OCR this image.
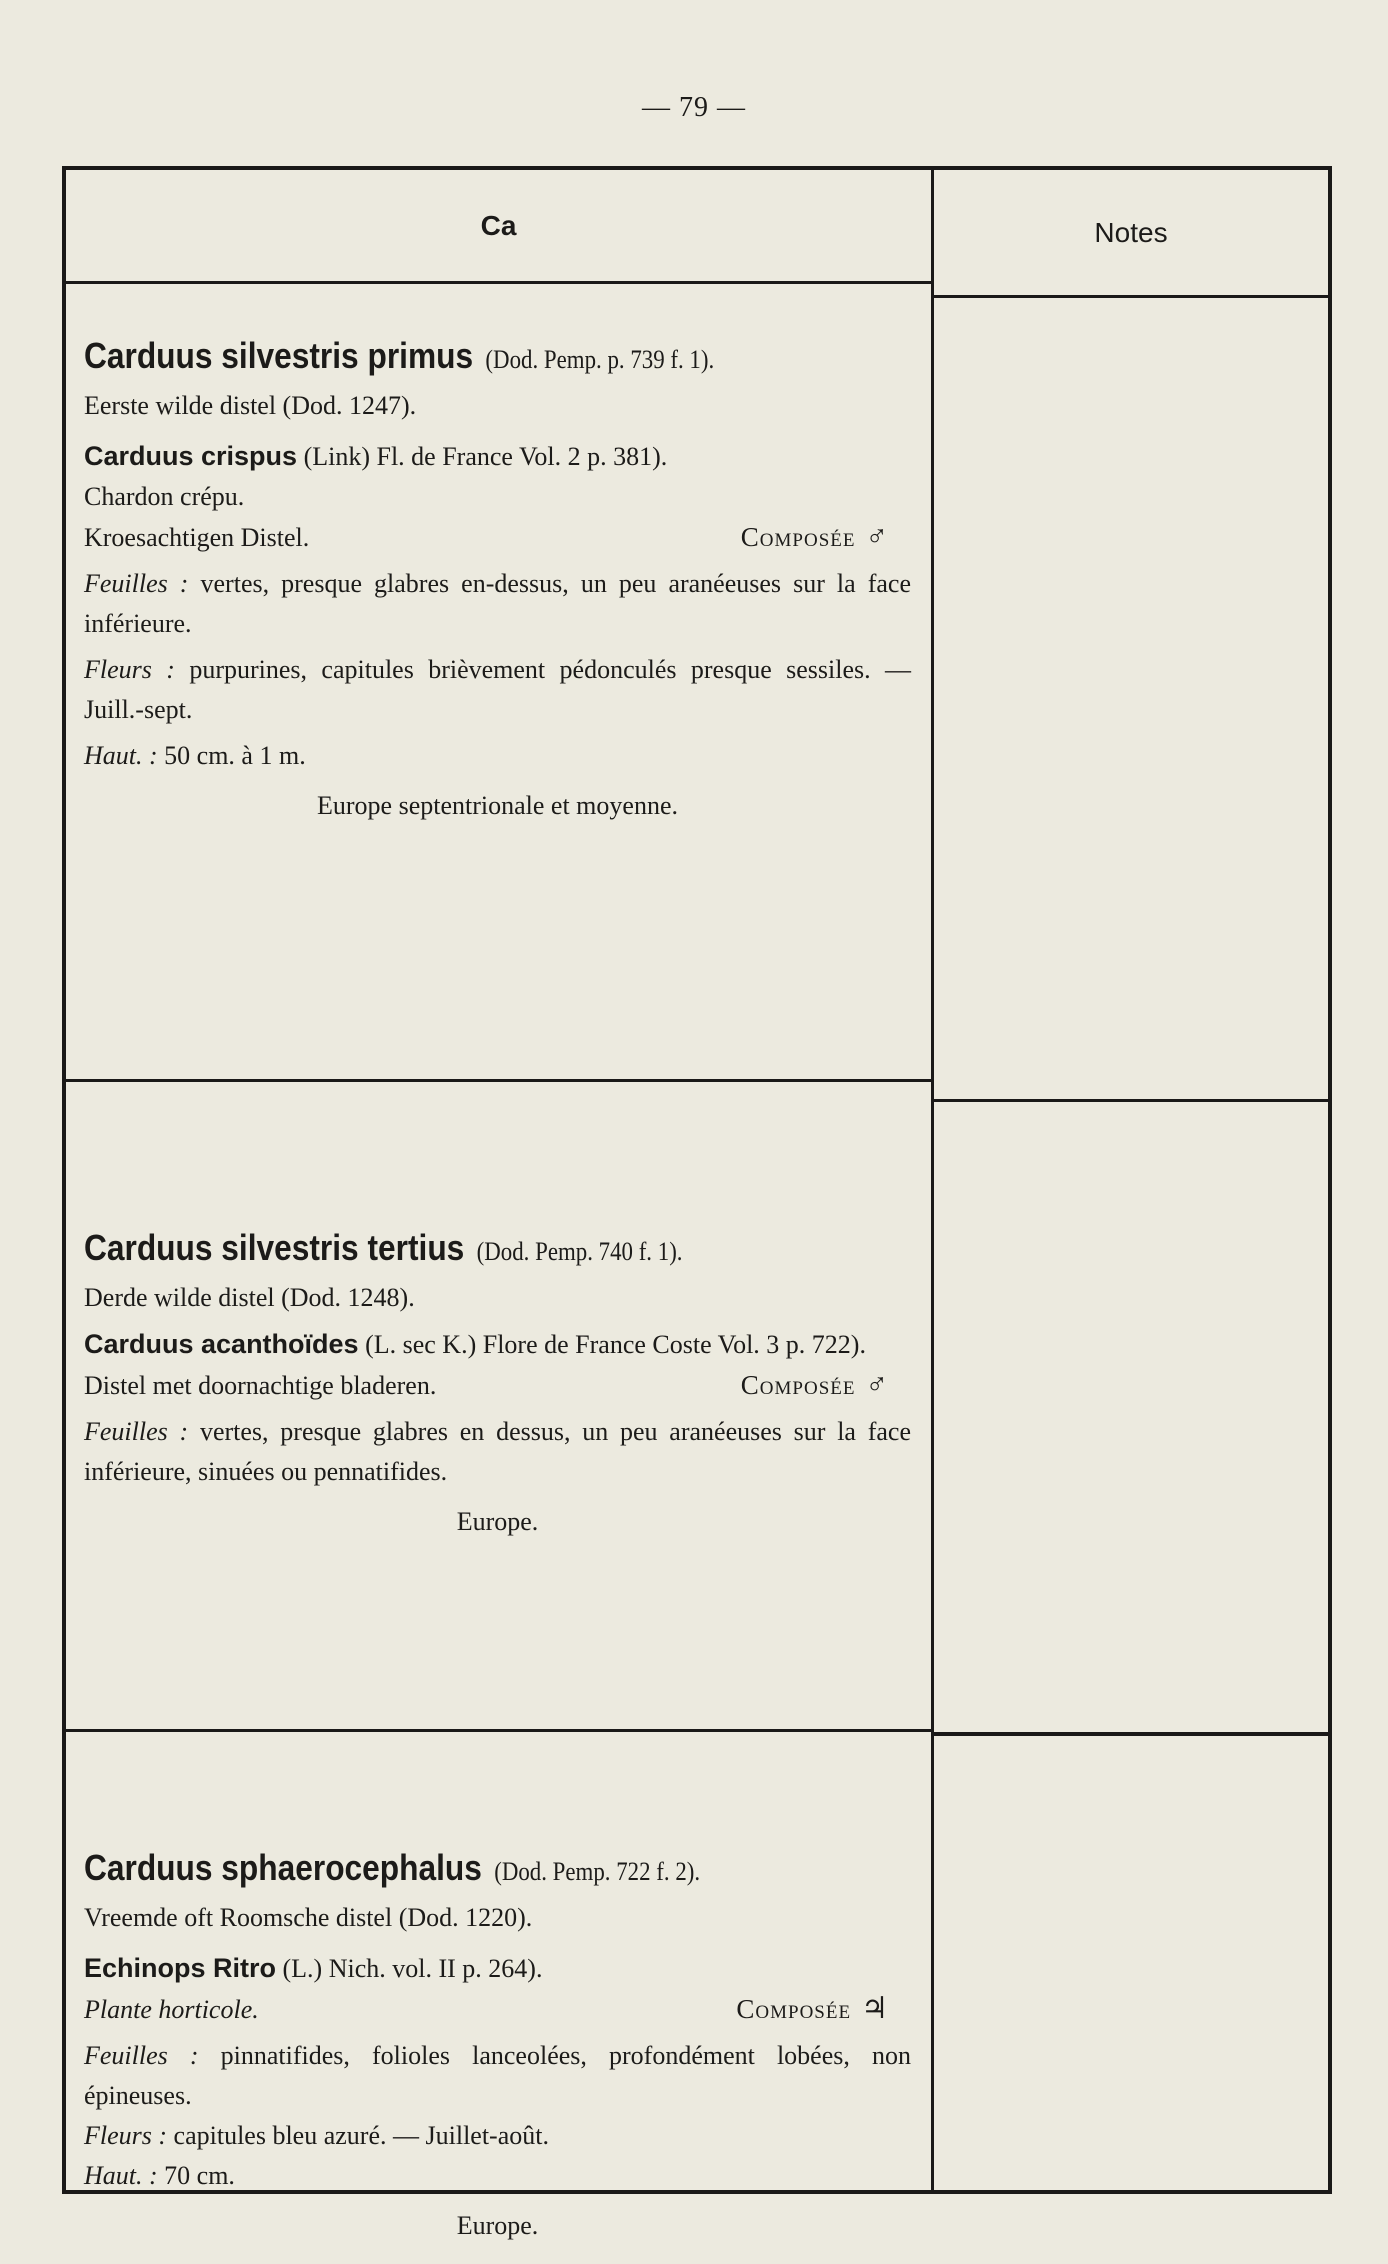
— 79 —
Ca	Notes
Carduus silvestris primus (Dod. Pemp. p. 739 f. 1).
Eerste wilde distel (Dod. 1247).
Carduus crispus (Link) Fl. de France Vol. 2 p. 381).
Chardon crépu.
Kroesachtigen Distel.	Composée ♂
Feuilles : vertes, presque glabres en-dessus, un peu aranéeuses sur la face inférieure.
Fleurs : purpurines, capitules brièvement pédonculés presque sessiles. — Juill.-sept.
Haut. : 50 cm. à 1 m.
Europe septentrionale et moyenne.
Carduus silvestris tertius (Dod. Pemp. 740 f. 1).
Derde wilde distel (Dod. 1248).
Carduus acanthoïdes (L. sec K.) Flore de France Coste Vol. 3 p. 722).
Distel met doornachtige bladeren.	Composée ♂
Feuilles : vertes, presque glabres en dessus, un peu aranéeuses sur la face inférieure, sinuées ou pennatifides.
Europe.
Carduus sphaerocephalus (Dod. Pemp. 722 f. 2).
Vreemde oft Roomsche distel (Dod. 1220).
Echinops Ritro (L.) Nich. vol. II p. 264).
Plante horticole.	Composée ♃
Feuilles : pinnatifides, folioles lanceolées, profondément lobées, non épineuses.
Fleurs : capitules bleu azuré. — Juillet-août.
Haut. : 70 cm.
Europe.
